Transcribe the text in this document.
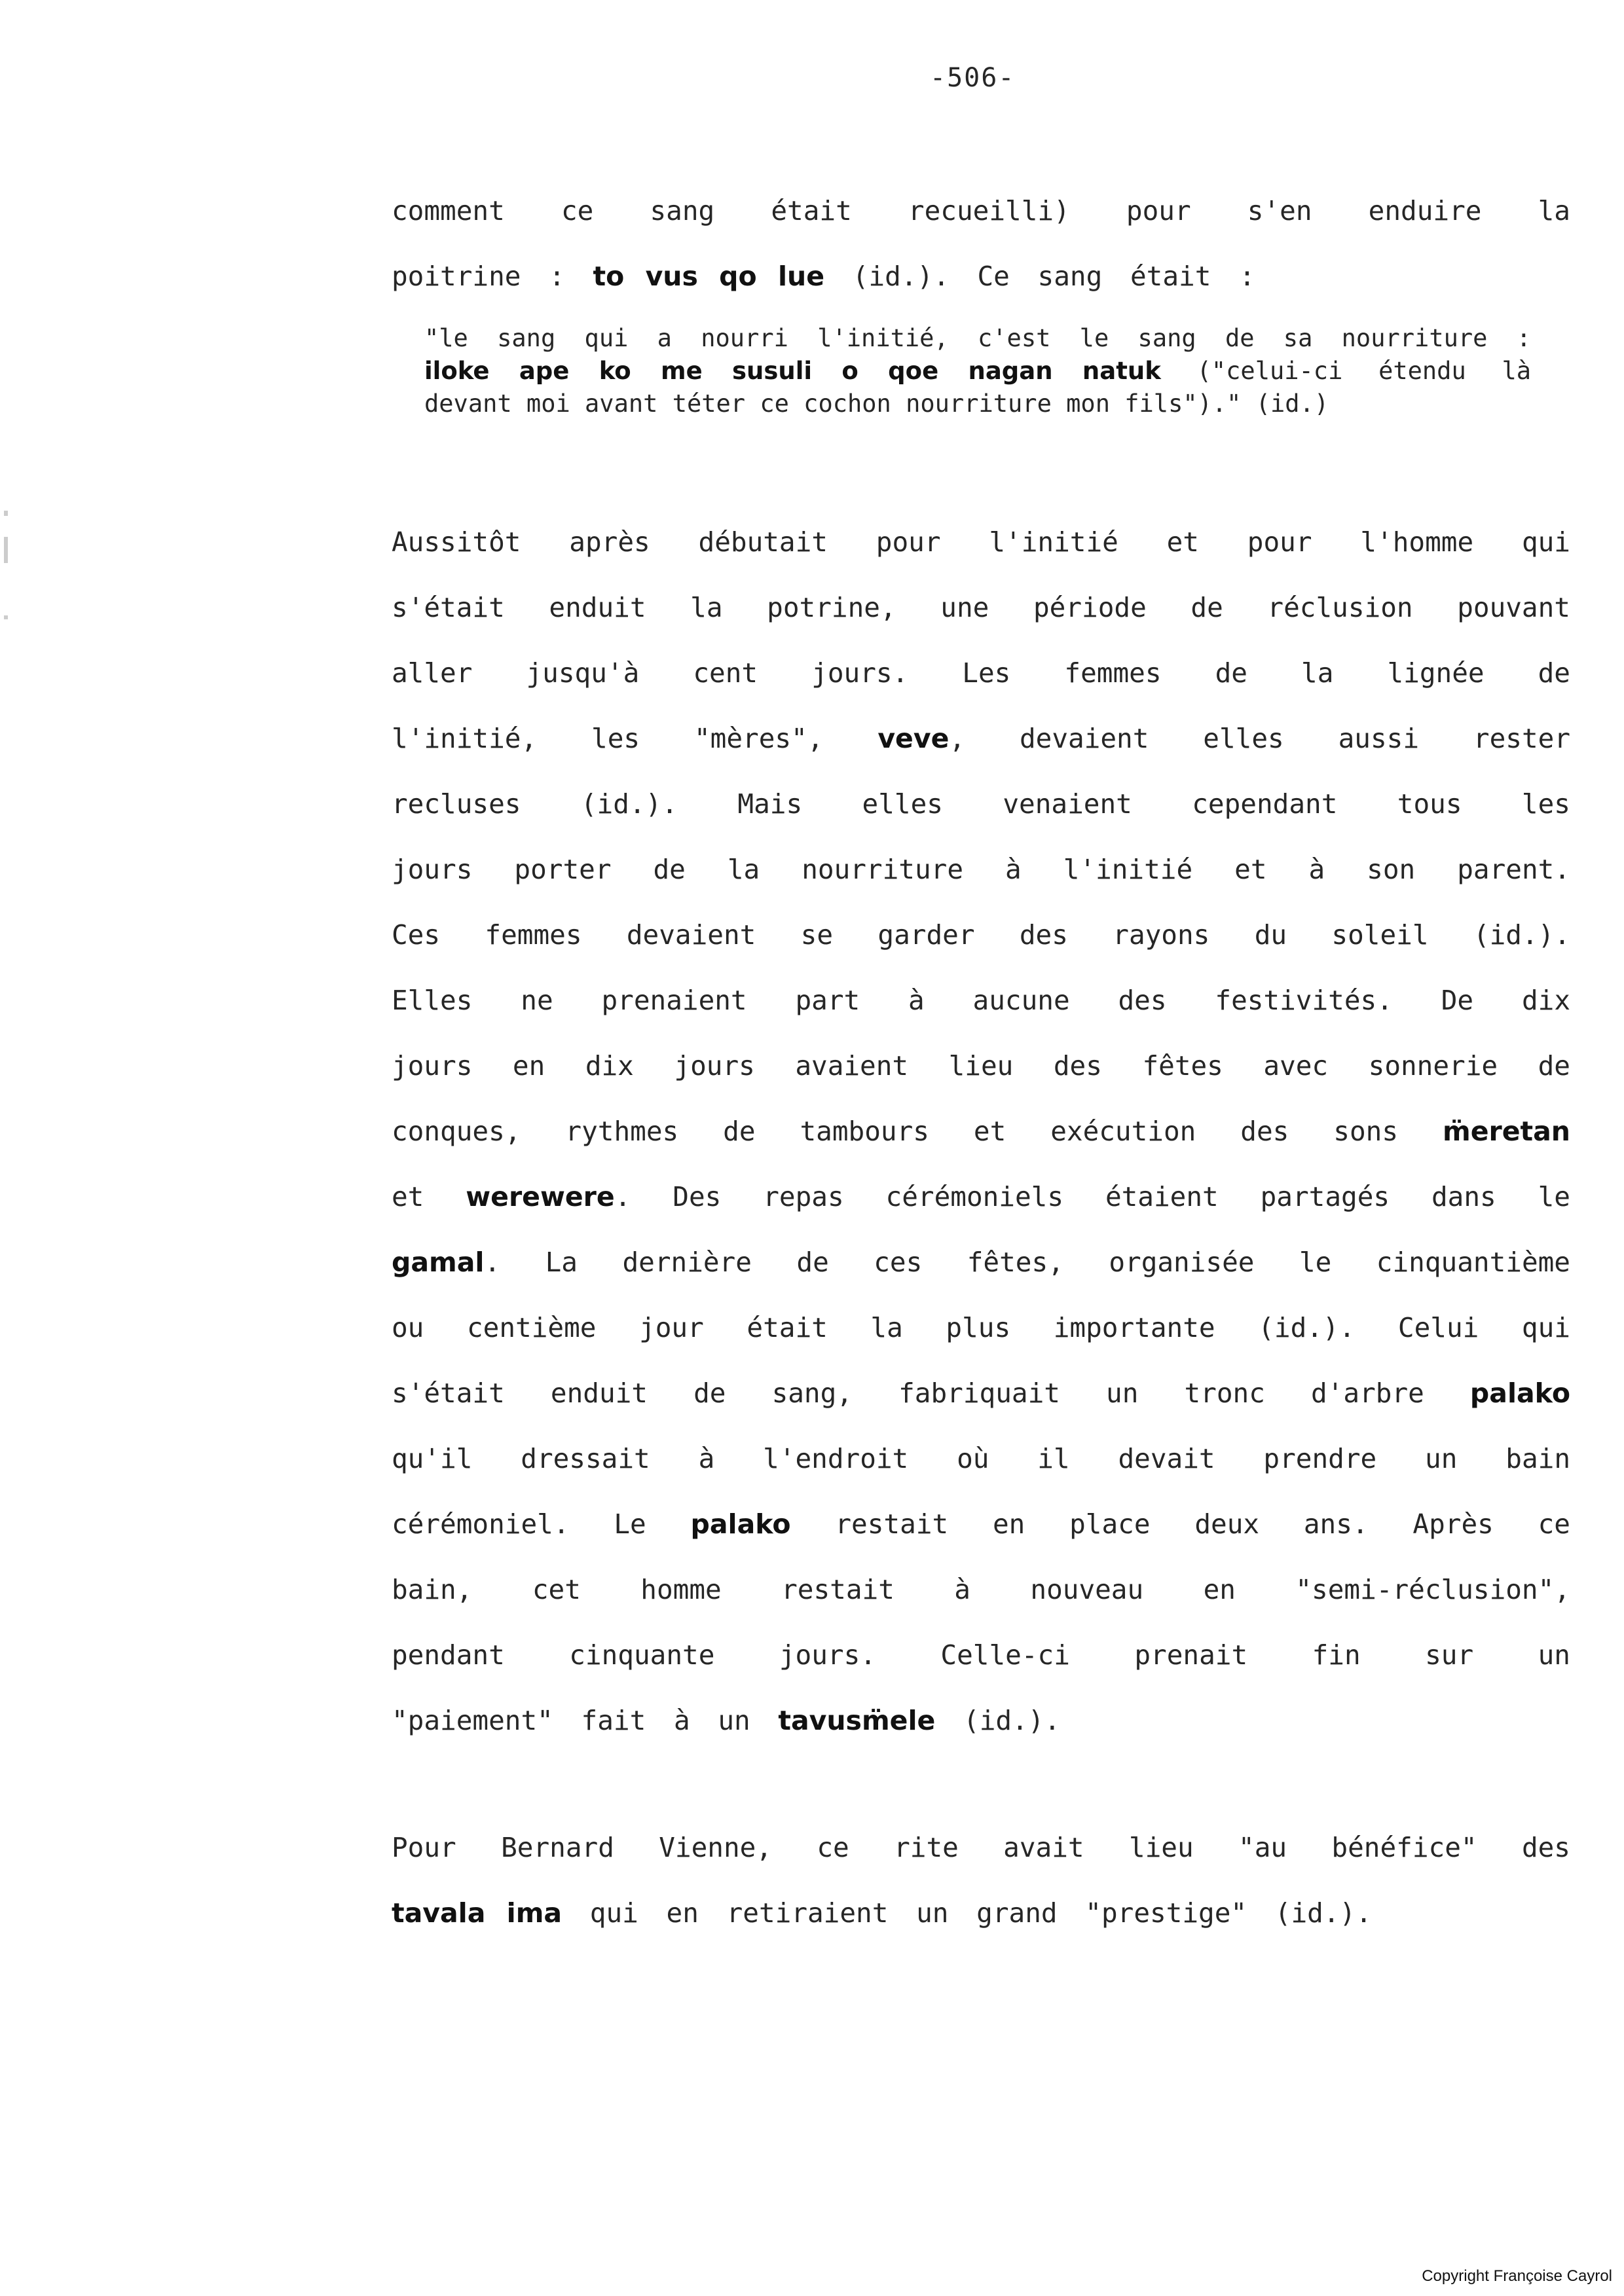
-506-
comment ce sang était recueilli) pour s'en enduire la
poitrine : to vus qo lue (id.). Ce sang était :
"le sang qui a nourri l'initié, c'est le sang de sa nourriture :
iloke ape ko me susuli o qoe nagan natuk ("celui-ci étendu là
devant moi avant téter ce cochon nourriture mon fils")." (id.)
Aussitôt après débutait pour l'initié et pour l'homme qui
s'était enduit la potrine, une période de réclusion pouvant
aller jusqu'à cent jours. Les femmes de la lignée de
l'initié, les "mères", veve, devaient elles aussi rester
recluses (id.). Mais elles venaient cependant tous les
jours porter de la nourriture à l'initié et à son parent.
Ces femmes devaient se garder des rayons du soleil (id.).
Elles ne prenaient part à aucune des festivités. De dix
jours en dix jours avaient lieu des fêtes avec sonnerie de
conques, rythmes de tambours et exécution des sons m̈eretan
et werewere. Des repas cérémoniels étaient partagés dans le
gamal. La dernière de ces fêtes, organisée le cinquantième
ou centième jour était la plus importante (id.). Celui qui
s'était enduit de sang, fabriquait un tronc d'arbre palako
qu'il dressait à l'endroit où il devait prendre un bain
cérémoniel. Le palako restait en place deux ans. Après ce
bain, cet homme restait à nouveau en "semi-réclusion",
pendant cinquante jours. Celle-ci prenait fin sur un
"paiement" fait à un tavusm̈ele (id.).
Pour Bernard Vienne, ce rite avait lieu "au bénéfice" des
tavala ima qui en retiraient un grand "prestige" (id.).
Copyright Françoise Cayrol
